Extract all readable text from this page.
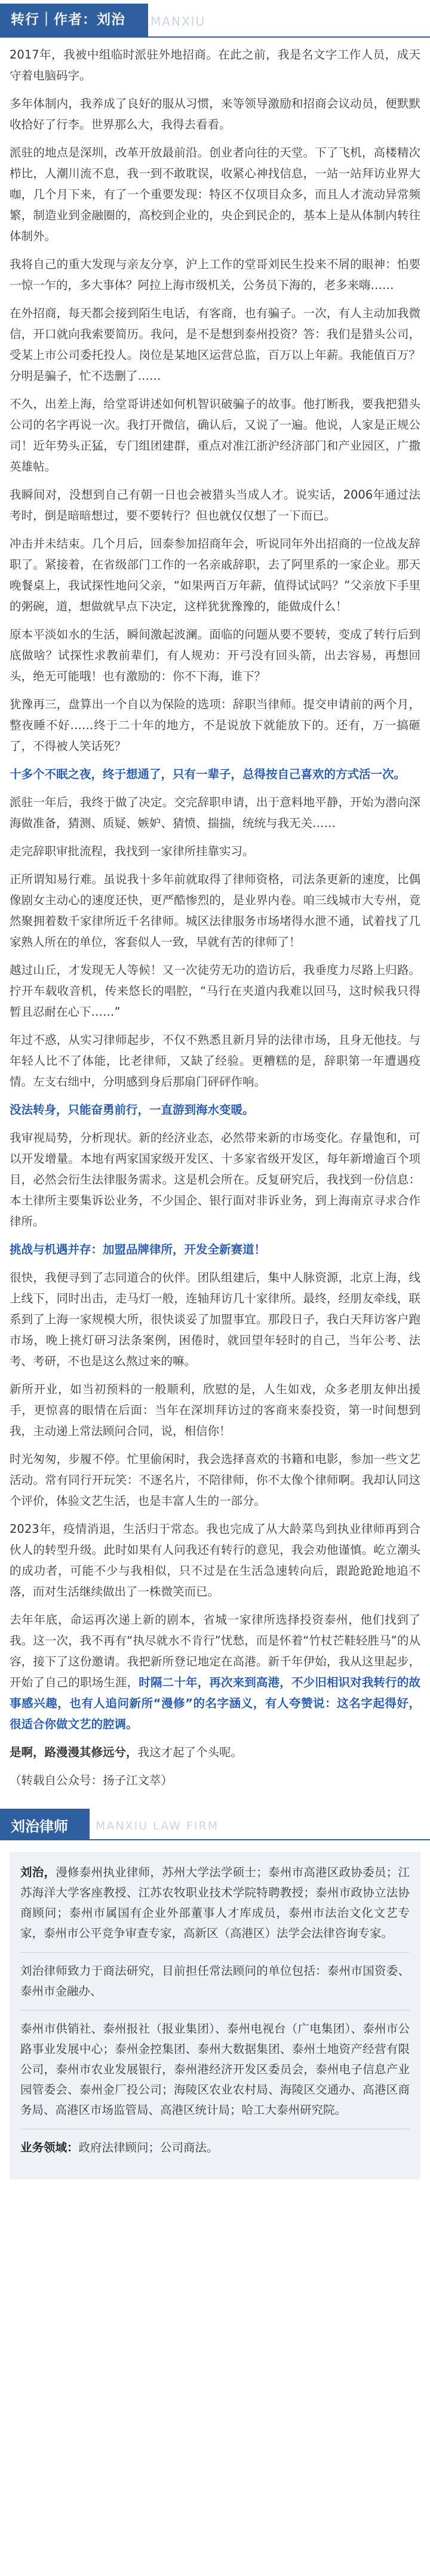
转行｜作者：刘治 MANXIU

2017年，我被中组临时派驻外地招商。在此之前，我是名文字工作人员，成天守着电脑码字。

多年体制内，我养成了良好的服从习惯，来等领导激励和招商会议动员，便默默收拾好了行李。世界那么大，我得去看看。

派驻的地点是深圳，改革开放最前沿。创业者向往的天堂。下了飞机，高楼精次栉比，人潮川流不息，我一到不敢耽误，收紧心神找信息，一站一站拜访业界大咖，几个月下来，有了一个重要发现：特区不仅项目众多，而且人才流动异常频繁，制造业到金融圈的，高校到企业的，央企到民企的，基本上是从体制内转往体制外。

我将自己的重大发现与亲友分享，沪上工作的堂哥刘民生投来不屑的眼神：怕要一惊一乍的，多大事体？阿拉上海市级机关，公务员下海的，老多来嗨……

在外招商，每天都会接到陌生电话，有客商，也有骗子。一次，有人主动加我微信，开口就向我索要简历。我问，是不是想到泰州投资？答：我们是猎头公司，受某上市公司委托投人。岗位是某地区运营总监，百万以上年薪。我能值百万？分明是骗子，忙不迭删了……

不久，出差上海，给堂哥讲述如何机智识破骗子的故事。他打断我，要我把猎头公司的名字再说一次。我打开微信，确认后，又说了一遍。他说，人家是正规公司！近年势头正猛，专门组团建群，重点对准江浙沪经济部门和产业园区，广撒英雄帖。

我瞬间对，没想到自己有朝一日也会被猎头当成人才。说实话，2006年通过法考时，倒是暗暗想过，要不要转行？但也就仅仅想了一下而已。

冲击并未结束。几个月后，回泰参加招商年会，听说同年外出招商的一位战友辞职了。紧接着，在省级部门工作的一名亲戚辞职，去了阿里系的一家企业。那天晚餐桌上，我试探性地问父亲，“如果两百万年薪，值得试试吗？”父亲放下手里的粥碗，道，想做就早点下决定，这样犹犹豫豫的，能做成什么！

原本平淡如水的生活，瞬间激起波澜。面临的问题从要不要转，变成了转行后到底做啥？试探性求教前辈们，有人规劝：开弓没有回头箭，出去容易，再想回头，绝无可能哦！也有激励的：你不下海，谁下？

犹豫再三，盘算出一个自以为保险的选项：辞职当律师。提交申请前的两个月，整夜睡不好……终于二十年的地方，不是说放下就能放下的。还有，万一搞砸了，不得被人笑话死？

十多个不眠之夜，终于想通了，只有一辈子，总得按自己喜欢的方式活一次。

派驻一年后，我终于做了决定。交完辞职申请，出于意料地平静，开始为潜向深海做准备，猜测、质疑、嫉妒、猜愤、揣揣，统统与我无关……

走完辞职审批流程，我找到一家律所挂靠实习。

正所谓知易行难。虽说我十多年前就取得了律师资格，司法条更新的速度，比偶像剧女主动心的速度还快，更严酷惨烈的，是业界内卷。咱三线城市大专州，竟然聚拥着数千家律所近千名律师。城区法律服务市场堵得水泄不通，试着找了几家熟人所在的单位，客套似人一致，早就有苦的律师了！

越过山丘，才发现无人等候！又一次徒劳无功的造访后，我垂度力尽路上归路。拧开车载收音机，传来悠长的唱腔，“马行在夹道内我难以回马，这时候我只得暂且忍耐在心下……”

年过不惑，从实习律师起步，不仅不熟悉且新月异的法律市场，且身无他技。与年轻人比不了体能，比老律师，又缺了经验。更糟糕的是，辞职第一年遭遇疫情。左支右绌中，分明感到身后那扇门砰砰作响。

没法转身，只能奋勇前行，一直游到海水变暖。

我审视局势，分析现状。新的经济业态，必然带来新的市场变化。存量饱和，可以开发增量。本地有两家国家级开发区、十多家省级开发区，每年新增逾百个项目，必然会衍生法律服务需求。这是机会所在。反复研究后，我找到一份信息：本土律所主要集诉讼业务，不少国企、银行面对非诉业务，到上海南京寻求合作律所。

挑战与机遇并存：加盟品牌律所，开发全新赛道！

很快，我便寻到了志同道合的伙伴。团队组建后，集中人脉资源，北京上海，线上线下，同时出击，走马灯一般，连轴拜访几十家律所。最终，经朋友牵线，联系到了上海一家规模大所，很快谈妥了加盟事宜。那段日子，我白天拜访客户跑市场，晚上挑灯研习法条案例，困倦时，就回望年轻时的自己，当年公考、法考、考研，不也是这么熬过来的嘛。

新所开业，如当初预料的一般顺利，欣慰的是，人生如戏，众多老朋友伸出援手，更惊喜的眼情在后面：当年在深圳拜访过的客商来泰投资，第一时间想到我，主动递上常法顾问合同，说，相信你！

时光匆匆，步履不停。忙里偷闲时，我会选择喜欢的书籍和电影，参加一些文艺活动。常有同行开玩笑：不逐名片，不陪律师，你不太像个律师啊。我却认同这个评价，体验文艺生活，也是丰富人生的一部分。

2023年，疫情消退，生活归于常态。我也完成了从大龄菜鸟到执业律师再到合伙人的转型升级。此时如果有人问我还有转行的意见，我会劝他谨慎。屹立潮头的成功者，可能不少与我相似，只不过是在生活急速转向后，跟跄跄跄地追不落，而对生活继续做出了一株微笑而已。

去年年底，命运再次递上新的剧本，省城一家律所选择投资泰州，他们找到了我。这一次，我不再有“执尽就水不肯行”忧愁，而是怀着“竹杖芒鞋轻胜马”的从容，接下了这份邀请。我把新所登记地定在高港。新千年伊始，我从这里起步，开始了自己的职场生涯，时隔二十年，再次来到高港，不少旧相识对我转行的故事感兴趣，也有人追问新所“漫修”的名字涵义，有人夸赞说：这名字起得好，很适合你做文艺的腔调。

是啊，路漫漫其修远兮，我这才起了个头呢。

（转载自公众号：扬子江文萃）

刘治律师 MANXIU LAW FIRM

刘治，漫修泰州执业律师，苏州大学法学硕士；泰州市高港区政协委员；江苏海洋大学客座教授、江苏农牧职业技术学院特聘教授；泰州市政协立法协商顾问；泰州市属国有企业外部董事人才库成员，泰州市法治文化文艺专家，泰州市公平竞争审查专家，高新区（高港区）法学会法律咨询专家。

刘治律师致力于商法研究，目前担任常法顾问的单位包括：泰州市国资委、泰州市金融办、

泰州市供销社、泰州报社（报业集团）、泰州电视台（广电集团）、泰州市公路事业发展中心；泰州金控集团、泰州大数据集团、泰州土地资产经营有限公司，泰州市农业发展银行，泰州港经济开发区委员会，泰州电子信息产业园管委会、泰州金厂投公司；海陵区农业农村局、海陵区交通办、高港区商务局、高港区市场监管局、高港区统计局；哈工大泰州研究院。

业务领域：政府法律顾问；公司商法。
